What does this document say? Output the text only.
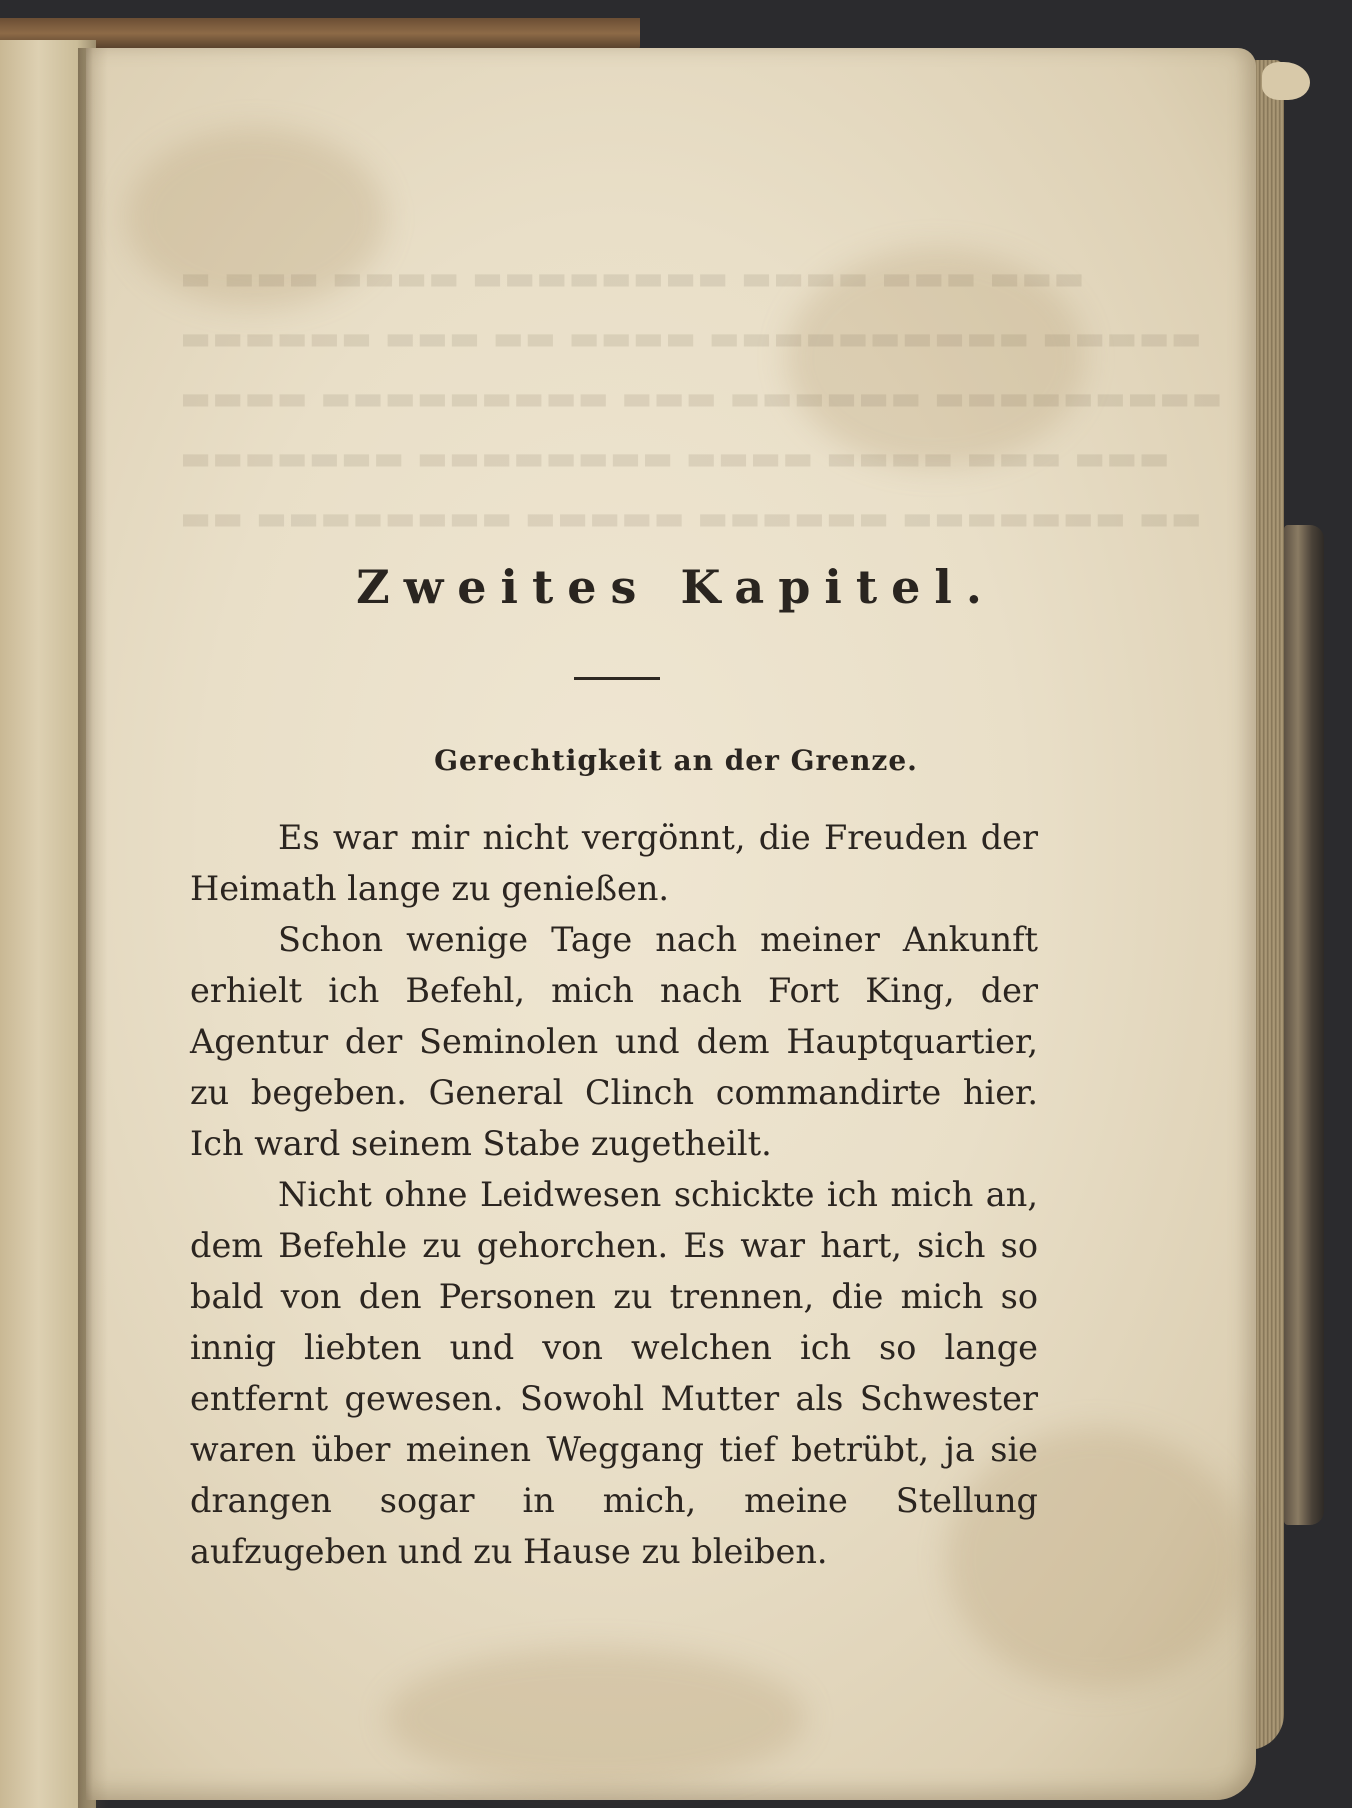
▬ ▬▬▬ ▬▬▬▬ ▬▬▬▬▬▬▬▬ ▬▬▬▬ ▬▬▬ ▬▬▬
▬▬▬▬▬▬ ▬▬▬ ▬▬ ▬▬▬▬ ▬▬▬▬▬▬▬▬▬▬ ▬▬▬▬▬
▬▬▬▬ ▬▬▬▬▬▬▬▬▬ ▬▬▬ ▬▬▬▬▬▬ ▬▬▬▬▬▬▬▬▬
▬▬▬▬▬▬▬ ▬▬▬▬▬▬▬▬ ▬▬▬▬ ▬▬▬▬ ▬▬▬ ▬▬▬
▬▬ ▬▬▬▬▬▬▬▬ ▬▬▬▬▬ ▬▬▬▬▬▬ ▬▬▬▬▬▬▬ ▬▬
Zweites Kapitel.
Gerechtigkeit an der Grenze.

Es war mir nicht vergönnt, die Freuden der Heimath lange zu genießen.

Schon wenige Tage nach meiner Ankunft erhielt ich Befehl, mich nach Fort King, der Agentur der Seminolen und dem Hauptquartier, zu begeben. General Clinch commandirte hier. Ich ward seinem Stabe zugetheilt.

Nicht ohne Leidwesen schickte ich mich an, dem Befehle zu gehorchen. Es war hart, sich so bald von den Personen zu trennen, die mich so innig liebten und von welchen ich so lange entfernt gewesen. Sowohl Mutter als Schwester waren über meinen Weggang tief betrübt, ja sie drangen sogar in mich, meine Stellung aufzugeben und zu Hause zu bleiben.
